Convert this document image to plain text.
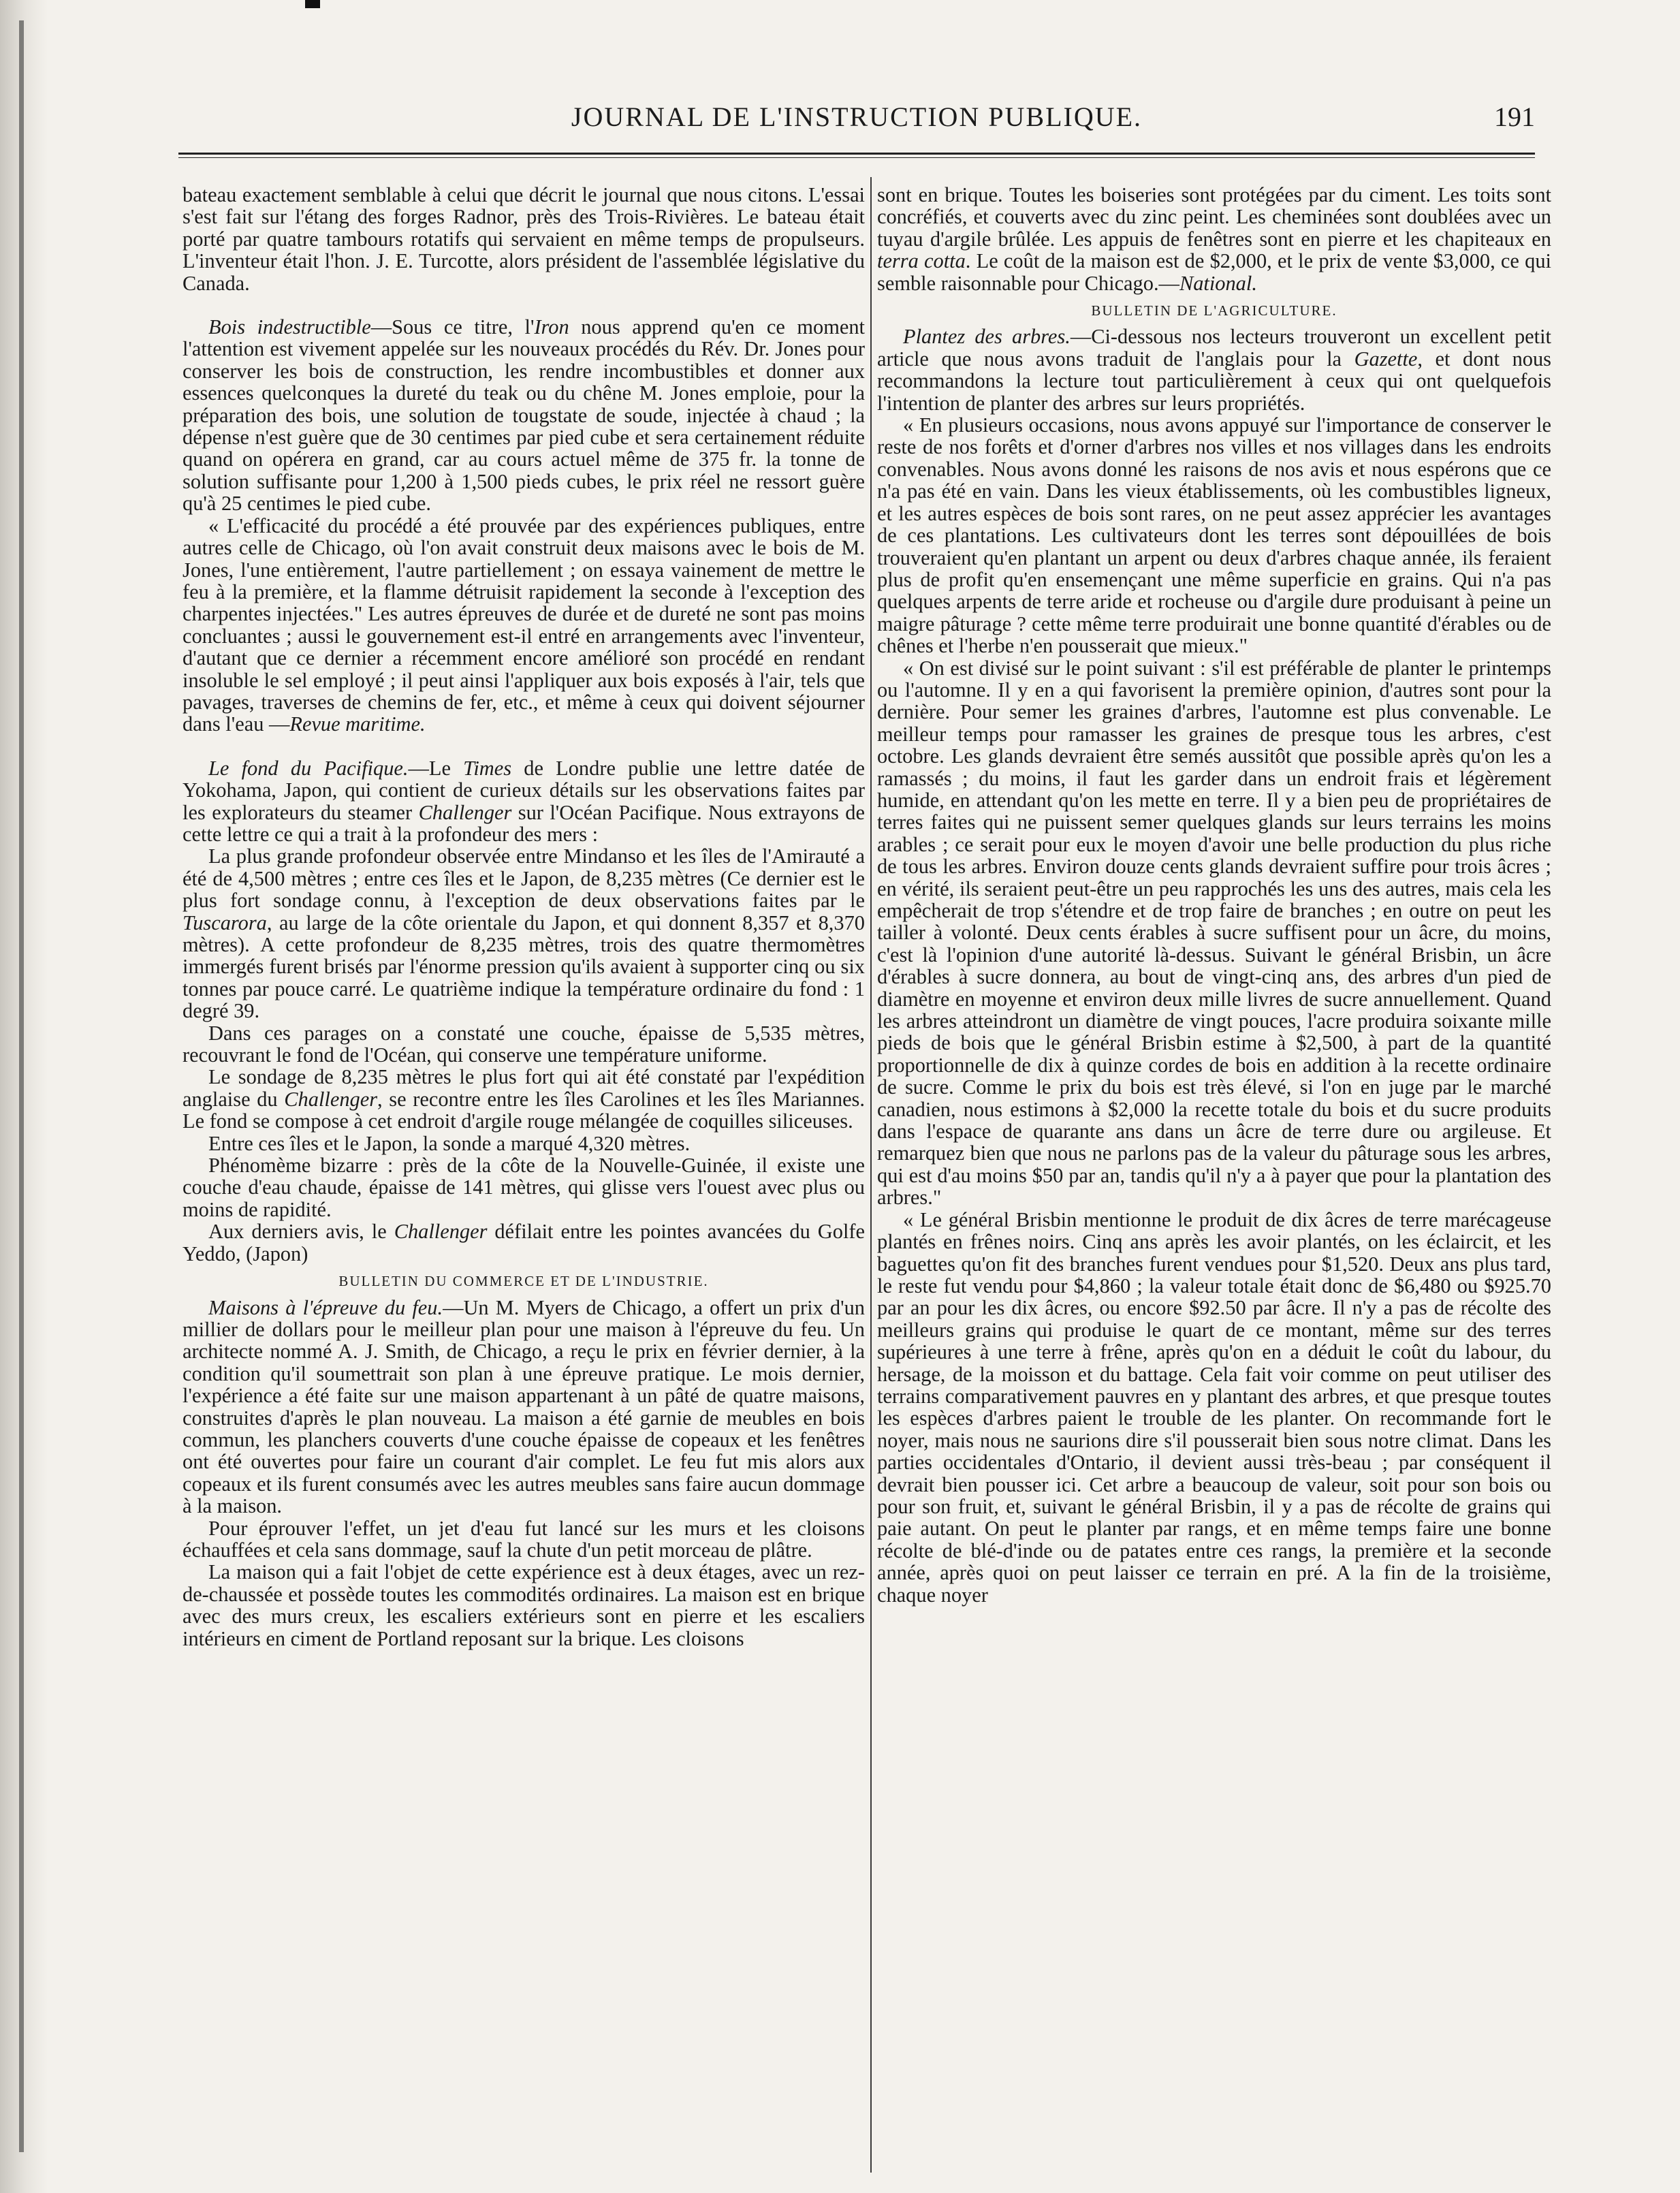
JOURNAL DE L'INSTRUCTION PUBLIQUE.	191

bateau exactement semblable à celui que décrit le journal que nous citons. L'essai s'est fait sur l'étang des forges Radnor, près des Trois-Rivières. Le bateau était porté par quatre tambours rotatifs qui servaient en même temps de propulseurs. L'inventeur était l'hon. J. E. Turcotte, alors président de l'assemblée législative du Canada.

Bois indestructible—Sous ce titre, l'Iron nous apprend qu'en ce moment l'attention est vivement appelée sur les nouveaux procédés du Rév. Dr. Jones pour conserver les bois de construction, les rendre incombustibles et donner aux essences quelconques la dureté du teak ou du chêne M. Jones emploie, pour la préparation des bois, une solution de tougstate de soude, injectée à chaud ; la dépense n'est guère que de 30 centimes par pied cube et sera certainement réduite quand on opérera en grand, car au cours actuel même de 375 fr. la tonne de solution suffisante pour 1,200 à 1,500 pieds cubes, le prix réel ne ressort guère qu'à 25 centimes le pied cube.

« L'efficacité du procédé a été prouvée par des expériences publiques, entre autres celle de Chicago, où l'on avait construit deux maisons avec le bois de M. Jones, l'une entièrement, l'autre partiellement ; on essaya vainement de mettre le feu à la première, et la flamme détruisit rapidement la seconde à l'exception des charpentes injectées." Les autres épreuves de durée et de dureté ne sont pas moins concluantes ; aussi le gouvernement est-il entré en arrangements avec l'inventeur, d'autant que ce dernier a récemment encore amélioré son procédé en rendant insoluble le sel employé ; il peut ainsi l'appliquer aux bois exposés à l'air, tels que pavages, traverses de chemins de fer, etc., et même à ceux qui doivent séjourner dans l'eau —Revue maritime.

Le fond du Pacifique.—Le Times de Londre publie une lettre datée de Yokohama, Japon, qui contient de curieux détails sur les observations faites par les explorateurs du steamer Challenger sur l'Océan Pacifique. Nous extrayons de cette lettre ce qui a trait à la profondeur des mers :

La plus grande profondeur observée entre Mindanso et les îles de l'Amirauté a été de 4,500 mètres ; entre ces îles et le Japon, de 8,235 mètres (Ce dernier est le plus fort sondage connu, à l'exception de deux observations faites par le Tuscarora, au large de la côte orientale du Japon, et qui donnent 8,357 et 8,370 mètres). A cette profondeur de 8,235 mètres, trois des quatre thermomètres immergés furent brisés par l'énorme pression qu'ils avaient à supporter cinq ou six tonnes par pouce carré. Le quatrième indique la température ordinaire du fond : 1 degré 39.

Dans ces parages on a constaté une couche, épaisse de 5,535 mètres, recouvrant le fond de l'Océan, qui conserve une température uniforme.

Le sondage de 8,235 mètres le plus fort qui ait été constaté par l'expédition anglaise du Challenger, se recontre entre les îles Carolines et les îles Mariannes. Le fond se compose à cet endroit d'argile rouge mélangée de coquilles siliceuses.

Entre ces îles et le Japon, la sonde a marqué 4,320 mètres.

Phénomème bizarre : près de la côte de la Nouvelle-Guinée, il existe une couche d'eau chaude, épaisse de 141 mètres, qui glisse vers l'ouest avec plus ou moins de rapidité.

Aux derniers avis, le Challenger défilait entre les pointes avancées du Golfe Yeddo, (Japon)

BULLETIN DU COMMERCE ET DE L'INDUSTRIE.

Maisons à l'épreuve du feu.—Un M. Myers de Chicago, a offert un prix d'un millier de dollars pour le meilleur plan pour une maison à l'épreuve du feu. Un architecte nommé A. J. Smith, de Chicago, a reçu le prix en février dernier, à la condition qu'il soumettrait son plan à une épreuve pratique. Le mois dernier, l'expérience a été faite sur une maison appartenant à un pâté de quatre maisons, construites d'après le plan nouveau. La maison a été garnie de meubles en bois commun, les planchers couverts d'une couche épaisse de copeaux et les fenêtres ont été ouvertes pour faire un courant d'air complet. Le feu fut mis alors aux copeaux et ils furent consumés avec les autres meubles sans faire aucun dommage à la maison.

Pour éprouver l'effet, un jet d'eau fut lancé sur les murs et les cloisons échauffées et cela sans dommage, sauf la chute d'un petit morceau de plâtre.

La maison qui a fait l'objet de cette expérience est à deux étages, avec un rez-de-chaussée et possède toutes les commodités ordinaires. La maison est en brique avec des murs creux, les escaliers extérieurs sont en pierre et les escaliers intérieurs en ciment de Portland reposant sur la brique. Les cloisons

sont en brique. Toutes les boiseries sont protégées par du ciment. Les toits sont concréfiés, et couverts avec du zinc peint. Les cheminées sont doublées avec un tuyau d'argile brûlée. Les appuis de fenêtres sont en pierre et les chapiteaux en terra cotta. Le coût de la maison est de $2,000, et le prix de vente $3,000, ce qui semble raisonnable pour Chicago.—National.

BULLETIN DE L'AGRICULTURE.

Plantez des arbres.—Ci-dessous nos lecteurs trouveront un excellent petit article que nous avons traduit de l'anglais pour la Gazette, et dont nous recommandons la lecture tout particulièrement à ceux qui ont quelquefois l'intention de planter des arbres sur leurs propriétés.

« En plusieurs occasions, nous avons appuyé sur l'importance de conserver le reste de nos forêts et d'orner d'arbres nos villes et nos villages dans les endroits convenables. Nous avons donné les raisons de nos avis et nous espérons que ce n'a pas été en vain. Dans les vieux établissements, où les combustibles ligneux, et les autres espèces de bois sont rares, on ne peut assez apprécier les avantages de ces plantations. Les cultivateurs dont les terres sont dépouillées de bois trouveraient qu'en plantant un arpent ou deux d'arbres chaque année, ils feraient plus de profit qu'en ensemençant une même superficie en grains. Qui n'a pas quelques arpents de terre aride et rocheuse ou d'argile dure produisant à peine un maigre pâturage ? cette même terre produirait une bonne quantité d'érables ou de chênes et l'herbe n'en pousserait que mieux."

« On est divisé sur le point suivant : s'il est préférable de planter le printemps ou l'automne. Il y en a qui favorisent la première opinion, d'autres sont pour la dernière. Pour semer les graines d'arbres, l'automne est plus convenable. Le meilleur temps pour ramasser les graines de presque tous les arbres, c'est octobre. Les glands devraient être semés aussitôt que possible après qu'on les a ramassés ; du moins, il faut les garder dans un endroit frais et légèrement humide, en attendant qu'on les mette en terre. Il y a bien peu de propriétaires de terres faites qui ne puissent semer quelques glands sur leurs terrains les moins arables ; ce serait pour eux le moyen d'avoir une belle production du plus riche de tous les arbres. Environ douze cents glands devraient suffire pour trois âcres ; en vérité, ils seraient peut-être un peu rapprochés les uns des autres, mais cela les empêcherait de trop s'étendre et de trop faire de branches ; en outre on peut les tailler à volonté. Deux cents érables à sucre suffisent pour un âcre, du moins, c'est là l'opinion d'une autorité là-dessus. Suivant le général Brisbin, un âcre d'érables à sucre donnera, au bout de vingt-cinq ans, des arbres d'un pied de diamètre en moyenne et environ deux mille livres de sucre annuellement. Quand les arbres atteindront un diamètre de vingt pouces, l'acre produira soixante mille pieds de bois que le général Brisbin estime à $2,500, à part de la quantité proportionnelle de dix à quinze cordes de bois en addition à la recette ordinaire de sucre. Comme le prix du bois est très élevé, si l'on en juge par le marché canadien, nous estimons à $2,000 la recette totale du bois et du sucre produits dans l'espace de quarante ans dans un âcre de terre dure ou argileuse. Et remarquez bien que nous ne parlons pas de la valeur du pâturage sous les arbres, qui est d'au moins $50 par an, tandis qu'il n'y a à payer que pour la plantation des arbres."

« Le général Brisbin mentionne le produit de dix âcres de terre marécageuse plantés en frênes noirs. Cinq ans après les avoir plantés, on les éclaircit, et les baguettes qu'on fit des branches furent vendues pour $1,520. Deux ans plus tard, le reste fut vendu pour $4,860 ; la valeur totale était donc de $6,480 ou $925.70 par an pour les dix âcres, ou encore $92.50 par âcre. Il n'y a pas de récolte des meilleurs grains qui produise le quart de ce montant, même sur des terres supérieures à une terre à frêne, après qu'on en a déduit le coût du labour, du hersage, de la moisson et du battage. Cela fait voir comme on peut utiliser des terrains comparativement pauvres en y plantant des arbres, et que presque toutes les espèces d'arbres paient le trouble de les planter. On recommande fort le noyer, mais nous ne saurions dire s'il pousserait bien sous notre climat. Dans les parties occidentales d'Ontario, il devient aussi très-beau ; par conséquent il devrait bien pousser ici. Cet arbre a beaucoup de valeur, soit pour son bois ou pour son fruit, et, suivant le général Brisbin, il y a pas de récolte de grains qui paie autant. On peut le planter par rangs, et en même temps faire une bonne récolte de blé-d'inde ou de patates entre ces rangs, la première et la seconde année, après quoi on peut laisser ce terrain en pré. A la fin de la troisième, chaque noyer
